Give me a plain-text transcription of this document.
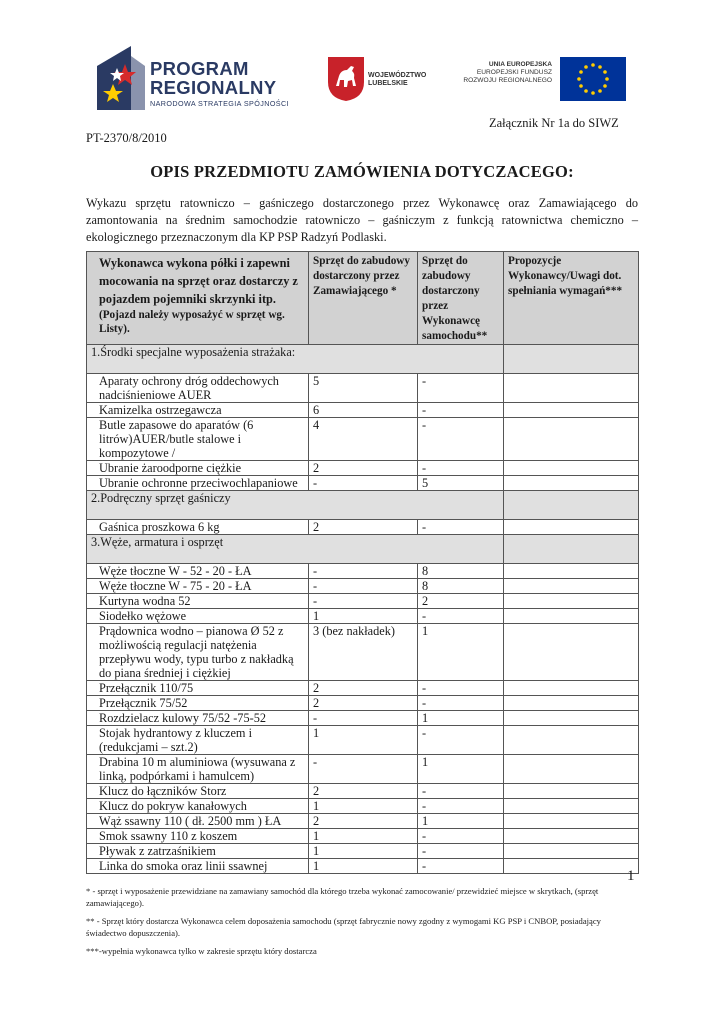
PROGRAM
REGIONALNY
NARODOWA STRATEGIA SPÓJNOŚCI
WOJEWÓDZTWO
LUBELSKIE
UNIA EUROPEJSKA
EUROPEJSKI FUNDUSZ
ROZWOJU REGIONALNEGO
Załącznik Nr 1a do SIWZ
PT-2370/8/2010
OPIS PRZEDMIOTU ZAMÓWIENIA DOTYCZACEGO:
Wykazu sprzętu ratowniczo – gaśniczego dostarczonego przez Wykonawcę oraz Zamawiającego do zamontowania na średnim samochodzie ratowniczo – gaśniczym z funkcją ratownictwa chemiczno – ekologicznego przeznaczonym dla KP PSP Radzyń Podlaski.
Wykonawca wykona półki i zapewni mocowania na sprzęt oraz dostarczy z pojazdem pojemniki skrzynki itp.
(Pojazd należy wyposażyć w sprzęt wg. Listy).	Sprzęt do zabudowy dostarczony przez Zamawiającego *	Sprzęt do zabudowy dostarczony przez Wykonawcę samochodu**	Propozycje Wykonawcy/Uwagi dot. spełniania wymagań***

1.Środki specjalne wyposażenia strażaka:			

Aparaty ochrony dróg oddechowych nadciśnieniowe AUER	5	-	
Kamizelka ostrzegawcza	6	-	
Butle zapasowe do aparatów (6 litrów)AUER/butle stalowe i kompozytowe /	4	-	
Ubranie żaroodporne ciężkie	2	-	
Ubranie ochronne przeciwochlapaniowe	-	5	

2.Podręczny sprzęt gaśniczy			

Gaśnica proszkowa 6 kg	2	-	

3.Węże, armatura i osprzęt			

Węże tłoczne W - 52 - 20 - ŁA	-	8	
Węże tłoczne W - 75 - 20 - ŁA	-	8	
Kurtyna wodna 52	-	2	
Siodełko wężowe	1	-	
Prądownica wodno – pianowa Ø 52 z możliwością regulacji natężenia przepływu wody, typu turbo z nakładką do piana średniej i ciężkiej	3 (bez nakładek)	1	
Przełącznik 110/75	2	-	
Przełącznik 75/52	2	-	
Rozdzielacz kulowy 75/52 -75-52	-	1	
Stojak hydrantowy z kluczem i (redukcjami – szt.2)	1	-	
Drabina 10 m aluminiowa (wysuwana z linką, podpórkami i hamulcem)	-	1	
Klucz do łączników Storz	2	-	
Klucz do pokryw kanałowych	1	-	
Wąż ssawny 110 ( dł. 2500 mm ) ŁA	2	1	
Smok ssawny 110 z koszem	1	-	
Pływak z zatrzaśnikiem	1	-	
Linka do smoka oraz linii ssawnej	1	-	
1
* - sprzęt i wyposażenie przewidziane na zamawiany samochód dla którego trzeba wykonać zamocowanie/ przewidzieć miejsce w skrytkach, (sprzęt zamawiającego).
** - Sprzęt który dostarcza Wykonawca celem doposażenia samochodu (sprzęt fabrycznie nowy zgodny z wymogami KG PSP i CNBOP, posiadający świadectwo dopuszczenia).
***-wypełnia wykonawca tylko w zakresie sprzętu który dostarcza
